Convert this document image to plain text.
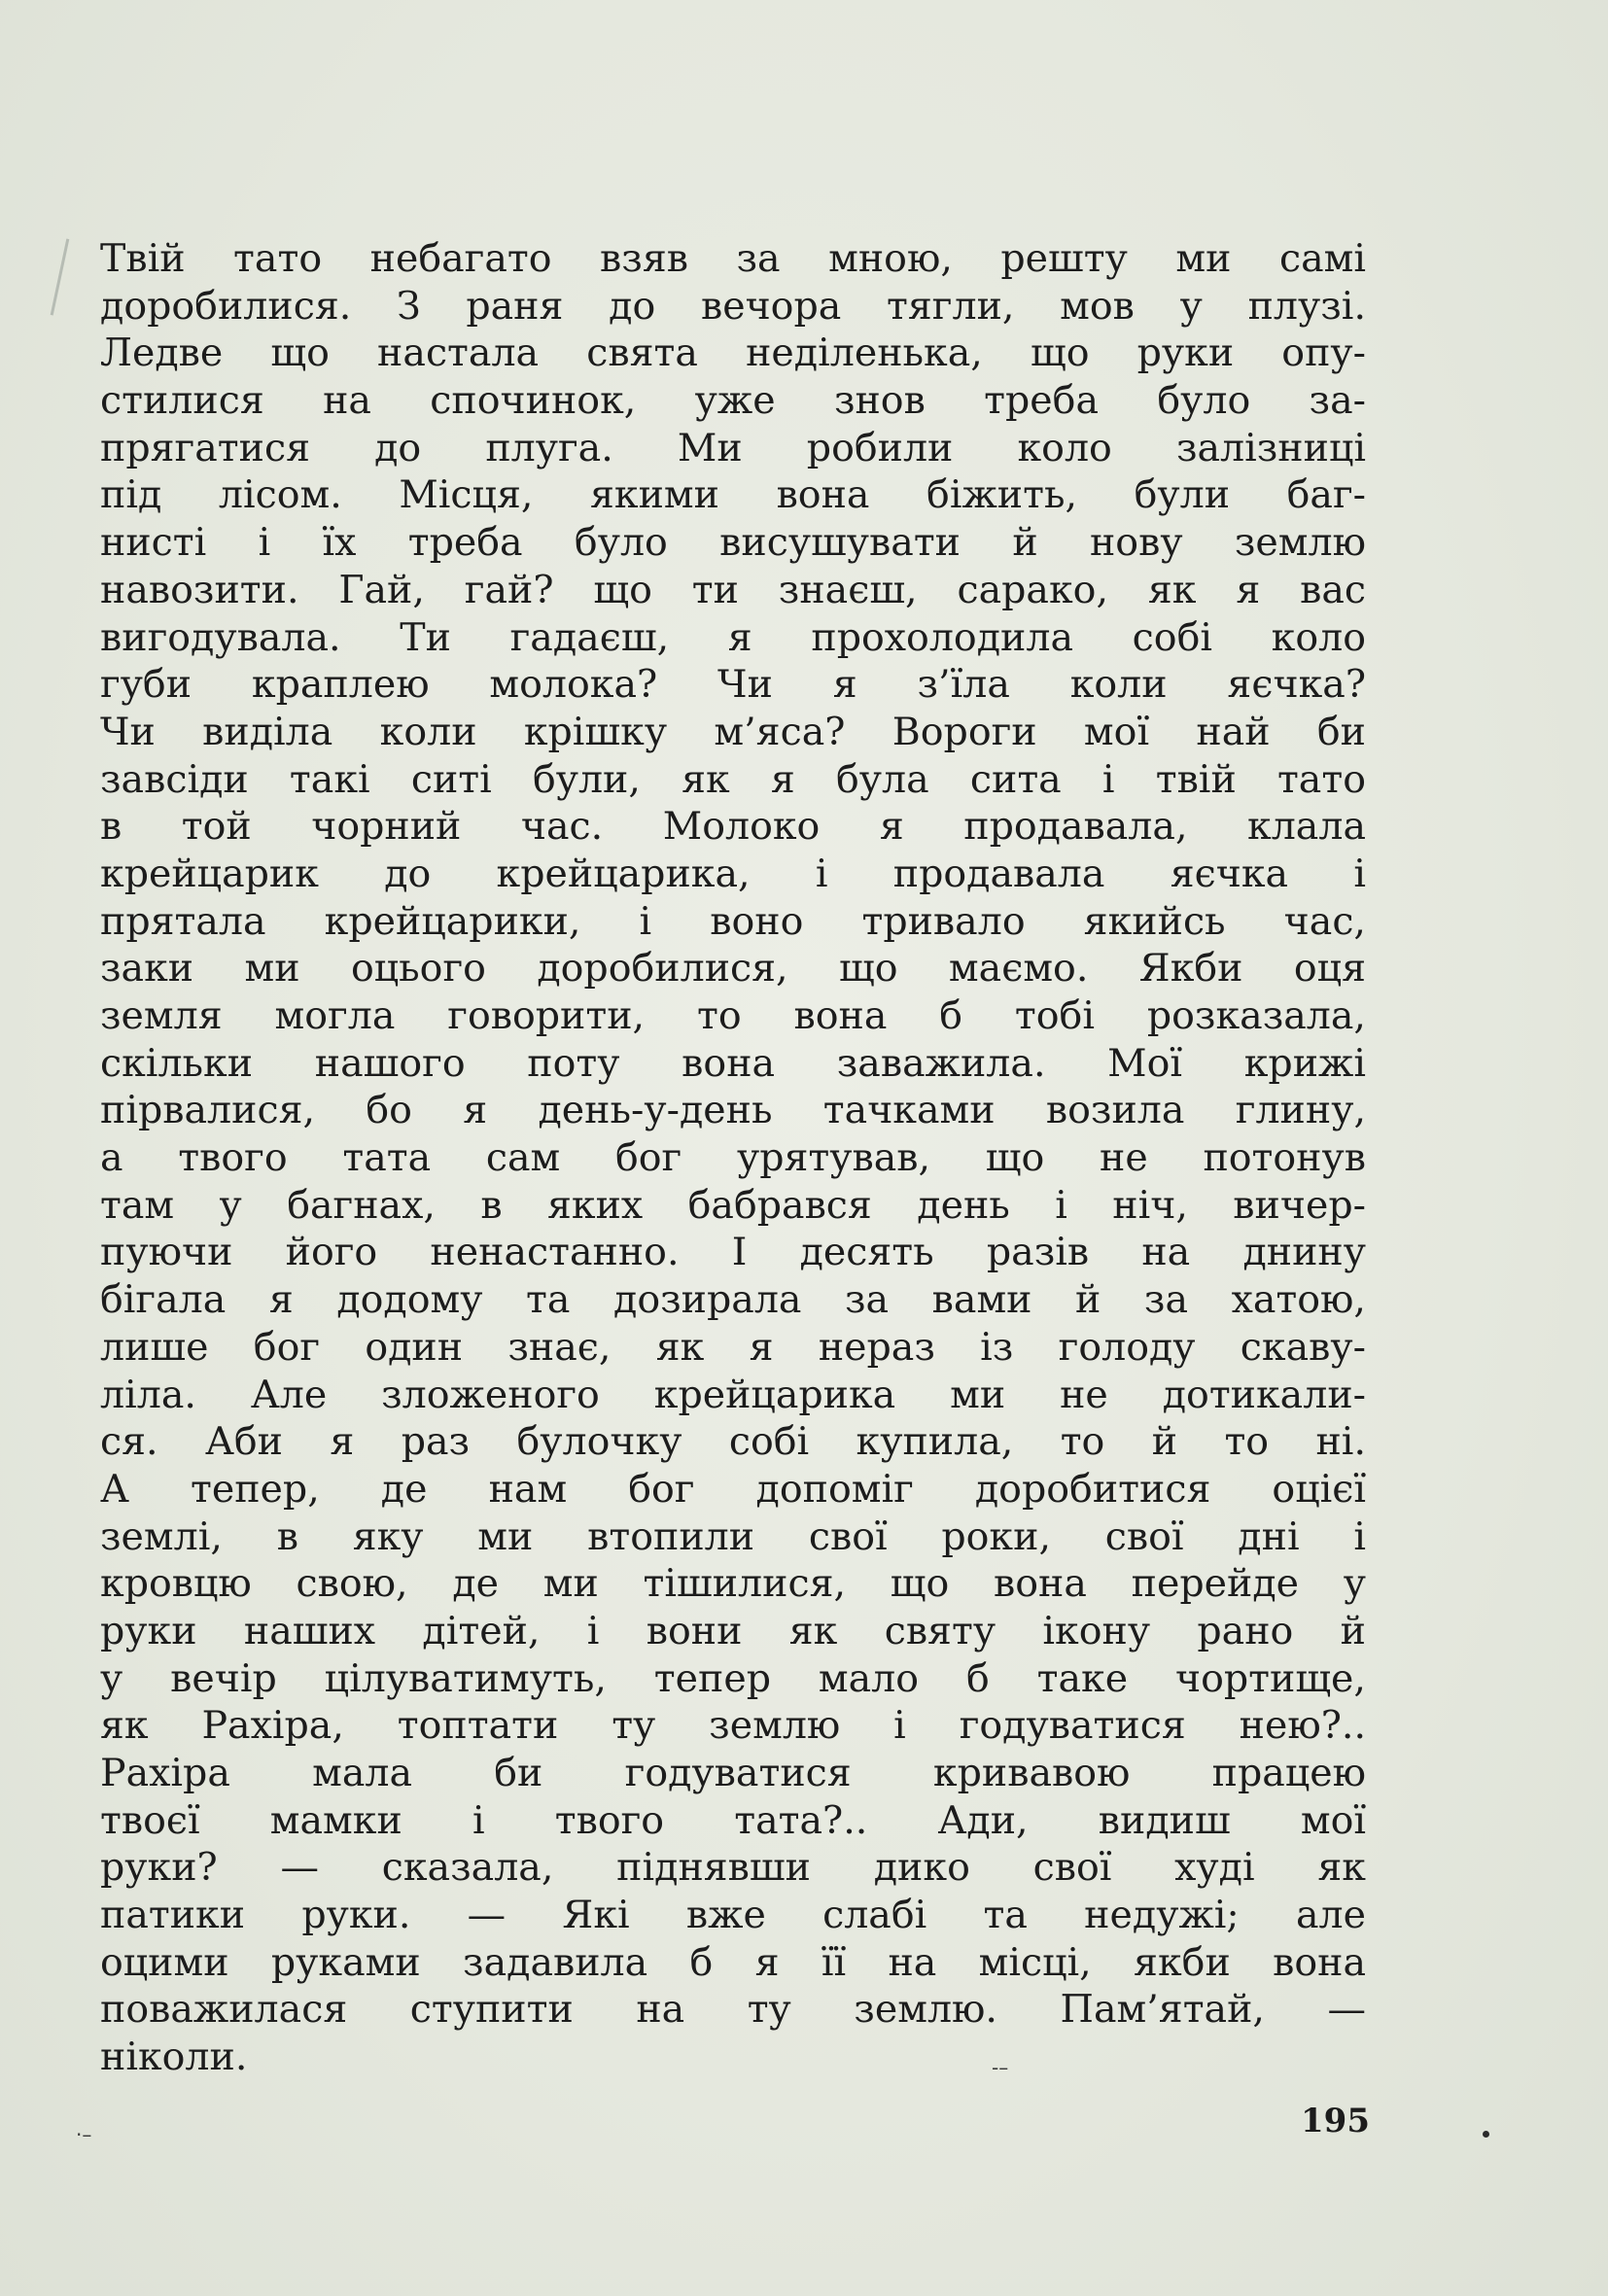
Твій тато небагато взяв за мною, решту ми самі
доробилися. З раня до вечора тягли, мов у плузі.
Ледве що настала свята неділенька, що руки опу-
стилися на спочинок, уже знов треба було за-
прягатися до плуга. Ми робили коло залізниці
під лісом. Місця, якими вона біжить, були баг-
нисті і їх треба було висушувати й нову землю
навозити. Гай, гай? що ти знаєш, сарако, як я вас
вигодувала. Ти гадаєш, я прохолодила собі коло
губи краплею молока? Чи я з’їла коли яєчка?
Чи виділа коли крішку м’яса? Вороги мої най би
завсіди такі ситі були, як я була сита і твій тато
в той чорний час. Молоко я продавала, клала
крейцарик до крейцарика, і продавала яєчка і
прятала крейцарики, і воно тривало якийсь час,
заки ми оцього доробилися, що маємо. Якби оця
земля могла говорити, то вона б тобі розказала,
скільки нашого поту вона заважила. Мої крижі
пірвалися, бо я день-у-день тачками возила глину,
а твого тата сам бог урятував, що не потонув
там у багнах, в яких бабрався день і ніч, вичер-
пуючи його ненастанно. І десять разів на днину
бігала я додому та дозирала за вами й за хатою,
лише бог один знає, як я нераз із голоду скаву-
ліла. Але зложеного крейцарика ми не дотикали-
ся. Аби я раз булочку собі купила, то й то ні.
А тепер, де нам бог допоміг доробитися оцієї
землі, в яку ми втопили свої роки, свої дні і
кровцю свою, де ми тішилися, що вона перейде у
руки наших дітей, і вони як святу ікону рано й
у вечір цілуватимуть, тепер мало б таке чортище,
як Рахіра, топтати ту землю і годуватися нею?..
Рахіра мала би годуватися кривавою працею
твоєї мамки і твого тата?.. Ади, видиш мої
руки? — сказала, піднявши дико свої худі як
патики руки. — Які вже слабі та недужі; але
оцими руками задавила б я її на місці, якби вона
поважилася ступити на ту землю. Пам’ятай, —
ніколи.
·–
-–
195
